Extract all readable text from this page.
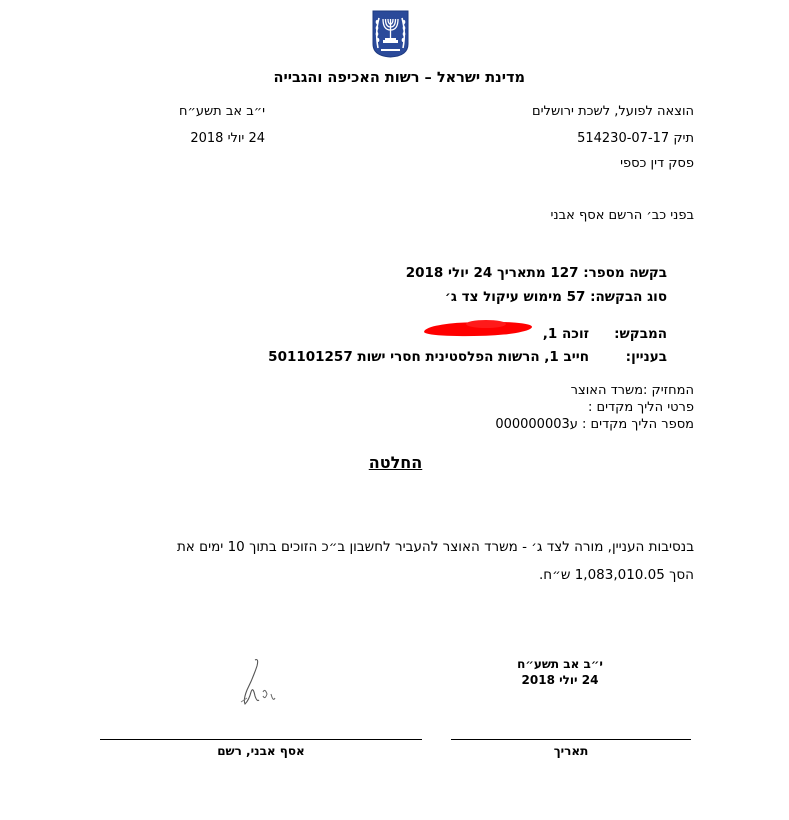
מדינת ישראל – רשות האכיפה והגבייה
י״ב אב תשע״ח
24 יולי 2018
הוצאה לפועל, לשכת ירושלים
תיק 514230-07-17
פסק דין כספי
בפני כב׳ הרשם אסף אבני
בקשה מספר: 127 מתאריך 24 יולי 2018
סוג הבקשה: 57 מימוש עיקול צד ג׳
המבקש:
זוכה 1,
בעניין:
חייב 1, הרשות הפלסטינית חסרי ישות 501101257
המחזיק :משרד האוצר
פרטי הליך מקדים :
מספר הליך מקדים : ע000000003
החלטה
בנסיבות העניין, מורה לצד ג׳ - משרד האוצר להעביר לחשבון ב״כ הזוכים בתוך 10 ימים את
הסך 1,083,010.05 ש״ח.
י״ב אב תשע״ח
24 יולי 2018
אסף אבני, רשם	תאריך
